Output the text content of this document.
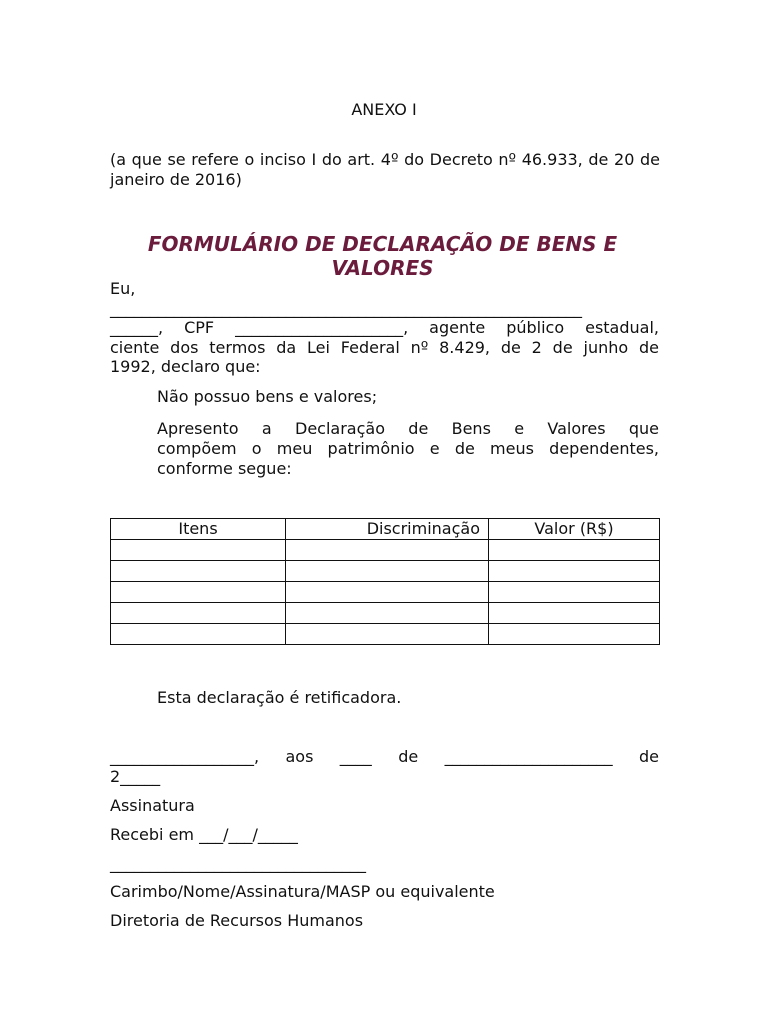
ANEXO I
(a que se refere o inciso I do art. 4º do Decreto nº 46.933, de 20 de janeiro de 2016)
FORMULÁRIO DE DECLARAÇÃO DE BENS E VALORES
Eu,
___________________________________________________________
______, CPF _____________________, agente público estadual,
ciente dos termos da Lei Federal nº 8.429, de 2 de junho de
1992, declaro que:
Não possuo bens e valores;
Apresento a Declaração de Bens e Valores que
compõem o meu patrimônio e de meus dependentes,
conforme segue:
Itens	Discriminação	Valor (R$)

Esta declaração é retificadora.
__________________, aos ____ de _____________________ de
2_____
Assinatura
Recebi em ___/___/_____
________________________________
Carimbo/Nome/Assinatura/MASP ou equivalente
Diretoria de Recursos Humanos
